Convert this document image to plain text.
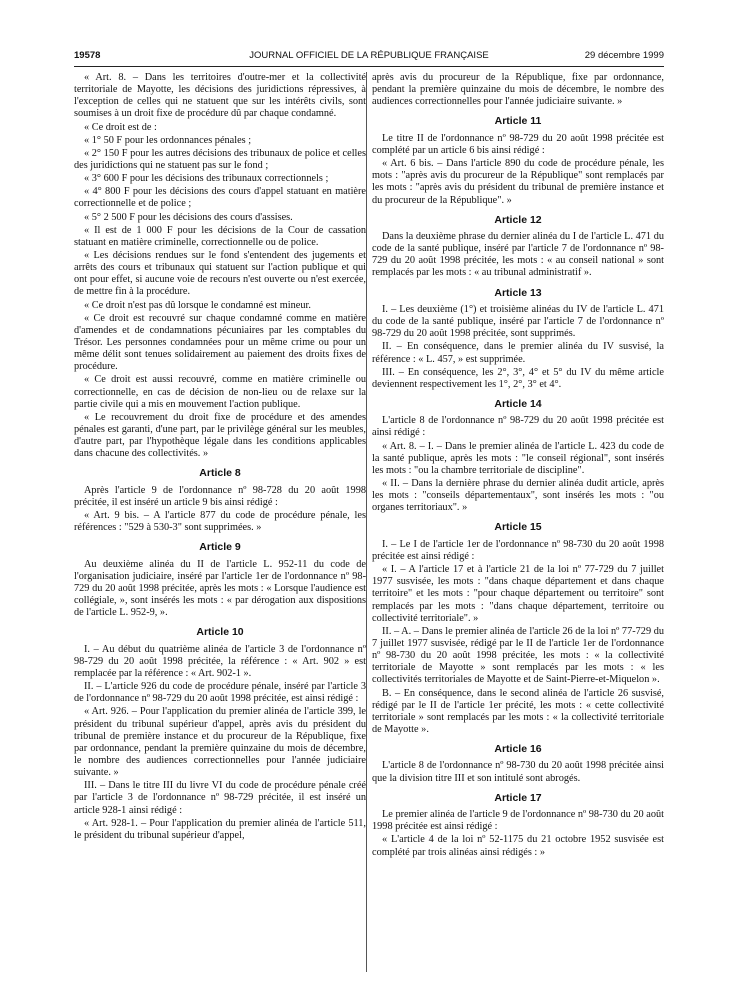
19578	JOURNAL OFFICIEL DE LA RÉPUBLIQUE FRANÇAISE	29 décembre 1999

« Art. 8. – Dans les territoires d'outre-mer et la collectivité territoriale de Mayotte, les décisions des juridictions répressives, à l'exception de celles qui ne statuent que sur les intérêts civils, sont soumises à un droit fixe de procédure dû par chaque condamné.

« Ce droit est de :

« 1° 50 F pour les ordonnances pénales ;

« 2° 150 F pour les autres décisions des tribunaux de police et celles des juridictions qui ne statuent pas sur le fond ;

« 3° 600 F pour les décisions des tribunaux correctionnels ;

« 4° 800 F pour les décisions des cours d'appel statuant en matière correctionnelle et de police ;

« 5° 2 500 F pour les décisions des cours d'assises.

« Il est de 1 000 F pour les décisions de la Cour de cassation statuant en matière criminelle, correctionnelle ou de police.

« Les décisions rendues sur le fond s'entendent des jugements et arrêts des cours et tribunaux qui statuent sur l'action publique et qui ont pour effet, si aucune voie de recours n'est ouverte ou n'est exercée, de mettre fin à la procédure.

« Ce droit n'est pas dû lorsque le condamné est mineur.

« Ce droit est recouvré sur chaque condamné comme en matière d'amendes et de condamnations pécuniaires par les comptables du Trésor. Les personnes condamnées pour un même crime ou pour un même délit sont tenues solidairement au paiement des droits fixes de procédure.

« Ce droit est aussi recouvré, comme en matière criminelle ou correctionnelle, en cas de décision de non-lieu ou de relaxe sur la partie civile qui a mis en mouvement l'action publique.

« Le recouvrement du droit fixe de procédure et des amendes pénales est garanti, d'une part, par le privilège général sur les meubles, d'autre part, par l'hypothèque légale dans les conditions applicables dans chacune des collectivités. »

Article 8

Après l'article 9 de l'ordonnance nº 98-728 du 20 août 1998 précitée, il est inséré un article 9 bis ainsi rédigé :

« Art. 9 bis. – A l'article 877 du code de procédure pénale, les références : "529 à 530-3" sont supprimées. »

Article 9

Au deuxième alinéa du II de l'article L. 952-11 du code de l'organisation judiciaire, inséré par l'article 1er de l'ordonnance nº 98-729 du 20 août 1998 précitée, après les mots : « Lorsque l'audience est collégiale, », sont insérés les mots : « par dérogation aux dispositions de l'article L. 952-9, ».

Article 10

I. – Au début du quatrième alinéa de l'article 3 de l'ordonnance nº 98-729 du 20 août 1998 précitée, la référence : « Art. 902 » est remplacée par la référence : « Art. 902-1 ».

II. – L'article 926 du code de procédure pénale, inséré par l'article 3 de l'ordonnance nº 98-729 du 20 août 1998 précitée, est ainsi rédigé :

« Art. 926. – Pour l'application du premier alinéa de l'article 399, le président du tribunal supérieur d'appel, après avis du président du tribunal de première instance et du procureur de la République, fixe par ordonnance, pendant la première quinzaine du mois de décembre, le nombre des audiences correctionnelles pour l'année judiciaire suivante. »

III. – Dans le titre III du livre VI du code de procédure pénale créé par l'article 3 de l'ordonnance nº 98-729 précitée, il est inséré un article 928-1 ainsi rédigé :

« Art. 928-1. – Pour l'application du premier alinéa de l'article 511, le président du tribunal supérieur d'appel,

après avis du procureur de la République, fixe par ordonnance, pendant la première quinzaine du mois de décembre, le nombre des audiences correctionnelles pour l'année judiciaire suivante. »

Article 11

Le titre II de l'ordonnance nº 98-729 du 20 août 1998 précitée est complété par un article 6 bis ainsi rédigé :

« Art. 6 bis. – Dans l'article 890 du code de procédure pénale, les mots : "après avis du procureur de la République" sont remplacés par les mots : "après avis du président du tribunal de première instance et du procureur de la République". »

Article 12

Dans la deuxième phrase du dernier alinéa du I de l'article L. 471 du code de la santé publique, inséré par l'article 7 de l'ordonnance nº 98-729 du 20 août 1998 précitée, les mots : « au conseil national » sont remplacés par les mots : « au tribunal administratif ».

Article 13

I. – Les deuxième (1°) et troisième alinéas du IV de l'article L. 471 du code de la santé publique, inséré par l'article 7 de l'ordonnance nº 98-729 du 20 août 1998 précitée, sont supprimés.

II. – En conséquence, dans le premier alinéa du IV susvisé, la référence : « L. 457, » est supprimée.

III. – En conséquence, les 2°, 3°, 4° et 5° du IV du même article deviennent respectivement les 1°, 2°, 3° et 4°.

Article 14

L'article 8 de l'ordonnance nº 98-729 du 20 août 1998 précitée est ainsi rédigé :

« Art. 8. – I. – Dans le premier alinéa de l'article L. 423 du code de la santé publique, après les mots : "le conseil régional", sont insérés les mots : "ou la chambre territoriale de discipline".

« II. – Dans la dernière phrase du dernier alinéa dudit article, après les mots : "conseils départementaux", sont insérés les mots : "ou organes territoriaux". »

Article 15

I. – Le I de l'article 1er de l'ordonnance nº 98-730 du 20 août 1998 précitée est ainsi rédigé :

« I. – A l'article 17 et à l'article 21 de la loi nº 77-729 du 7 juillet 1977 susvisée, les mots : "dans chaque département et dans chaque territoire" et les mots : "pour chaque département ou territoire" sont remplacés par les mots : "dans chaque département, territoire ou collectivité territoriale". »

II. – A. – Dans le premier alinéa de l'article 26 de la loi nº 77-729 du 7 juillet 1977 susvisée, rédigé par le II de l'article 1er de l'ordonnance nº 98-730 du 20 août 1998 précitée, les mots : « la collectivité territoriale de Mayotte » sont remplacés par les mots : « les collectivités territoriales de Mayotte et de Saint-Pierre-et-Miquelon ».

B. – En conséquence, dans le second alinéa de l'article 26 susvisé, rédigé par le II de l'article 1er précité, les mots : « cette collectivité territoriale » sont remplacés par les mots : « la collectivité territoriale de Mayotte ».

Article 16

L'article 8 de l'ordonnance nº 98-730 du 20 août 1998 précitée ainsi que la division titre III et son intitulé sont abrogés.

Article 17

Le premier alinéa de l'article 9 de l'ordonnance nº 98-730 du 20 août 1998 précitée est ainsi rédigé :

« L'article 4 de la loi nº 52-1175 du 21 octobre 1952 susvisée est complété par trois alinéas ainsi rédigés : »
